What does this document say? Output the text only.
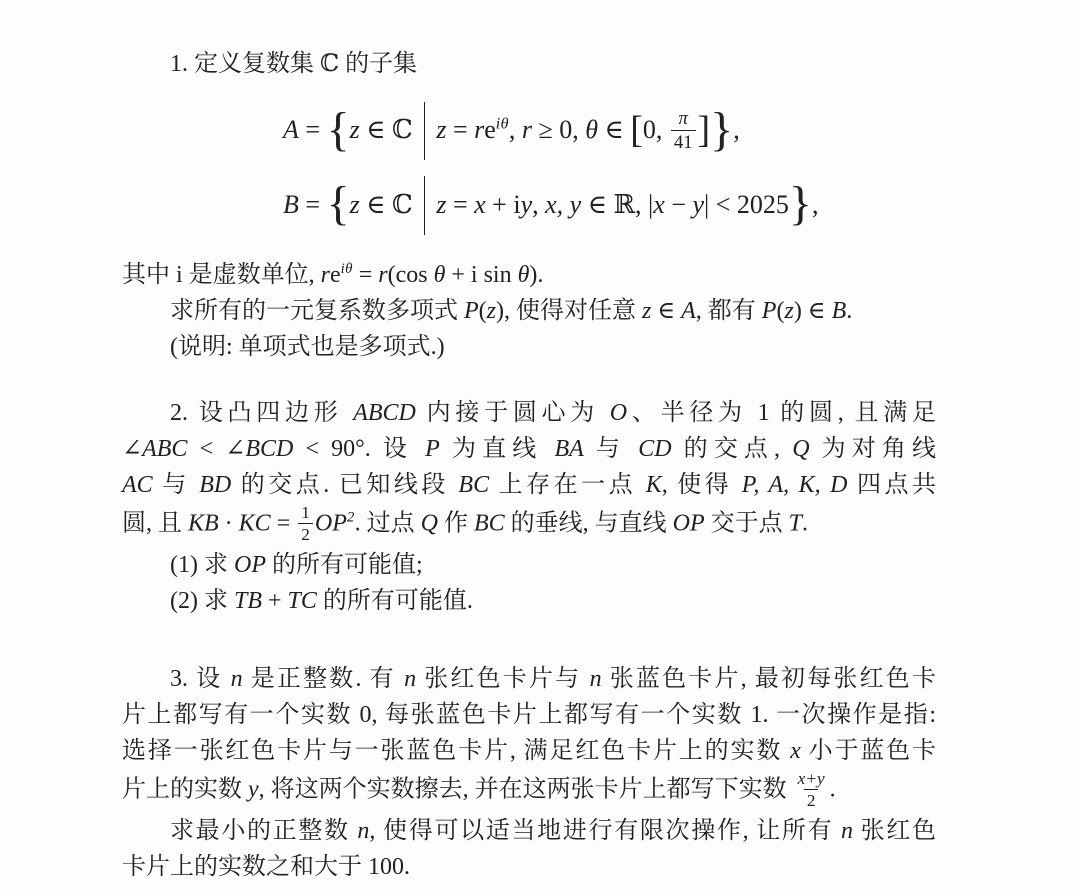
1. 定义复数集 ℂ 的子集
A = {z ∈ ℂ $z = re^{i\theta}$, r ≥ 0, θ ∈ [0, $\frac{\pi}{41}$ ]},
B = {z ∈ ℂ z = x + iy, x, y ∈ ℝ, |x − y| < 2025},
其中 i 是虚数单位, $re^{i\theta} = r(\cos$ θ + i sin θ).
求所有的一元复系数多项式 P(z), 使得对任意 z ∈ A, 都有 P(z) ∈ B.
(说明: 单项式也是多项式.)
2. 设凸四边形 ABCD 内接于圆心为 O、半径为 1 的圆, 且满足
∠ABC < ∠BCD < 90°. 设 P 为直线 BA 与 CD 的交点, Q 为对角线
AC 与 BD 的交点. 已知线段 BC 上存在一点 K, 使得 P, A, K, D 四点共
圆, 且 KB · KC = $\frac{1}{2} OP^2$. 过点 Q 作 BC 的垂线, 与直线 OP 交于点 T.
(1) 求 OP 的所有可能值;
(2) 求 TB + TC 的所有可能值.
3. 设 n 是正整数. 有 n 张红色卡片与 n 张蓝色卡片, 最初每张红色卡
片上都写有一个实数 0, 每张蓝色卡片上都写有一个实数 1. 一次操作是指:
选择一张红色卡片与一张蓝色卡片, 满足红色卡片上的实数 x 小于蓝色卡
片上的实数 y, 将这两个实数擦去, 并在这两张卡片上都写下实数 $\frac{x+y}{2}$ .
求最小的正整数 n, 使得可以适当地进行有限次操作, 让所有 n 张红色
卡片上的实数之和大于 100.
